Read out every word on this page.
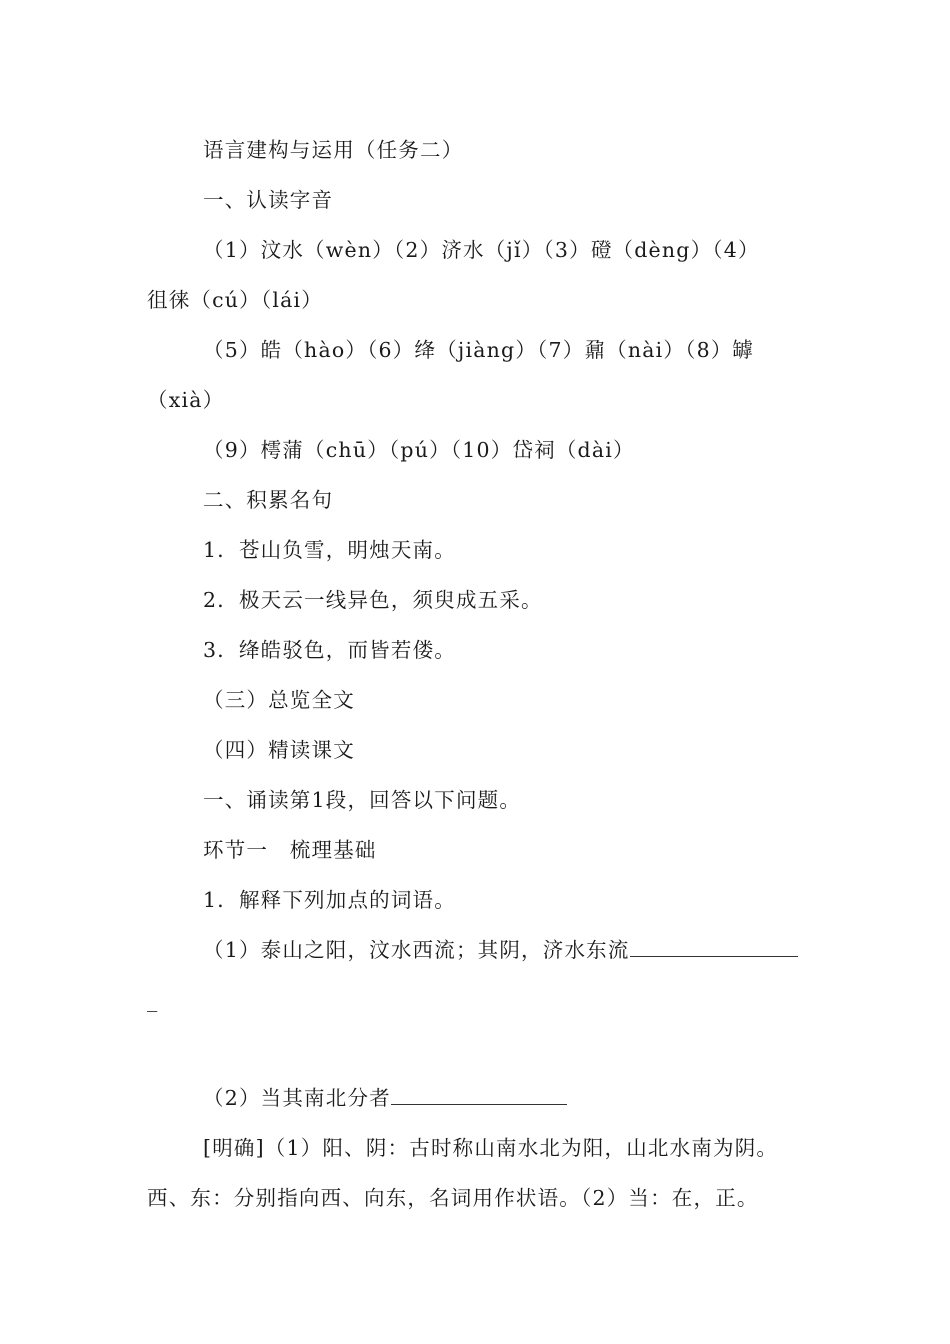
语言建构与运用（任务二）
一、认读字音
（1）汶水（wèn）（2）济水（jǐ）（3）磴（dèng）（4）
徂徕（cú）（lái）
（5）皓（hào）（6）绛（jiàng）（7）鼐（nài）（8）罅
（xià）
（9）樗蒲（chū）（pú）（10）岱祠（dài）
二、积累名句
1．苍山负雪，明烛天南。
2．极天云一线异色，须臾成五采。
3．绛皓驳色，而皆若偻。
（三）总览全文
（四）精读课文
一、诵读第1段，回答以下问题。
环节一　梳理基础
1．解释下列加点的词语。
（1）泰山之阳，汶水西流；其阴，济水东流
_
（2）当其南北分者
[明确]（1）阳、阴：古时称山南水北为阳，山北水南为阴。
西、东：分别指向西、向东，名词用作状语。（2）当：在，正。
